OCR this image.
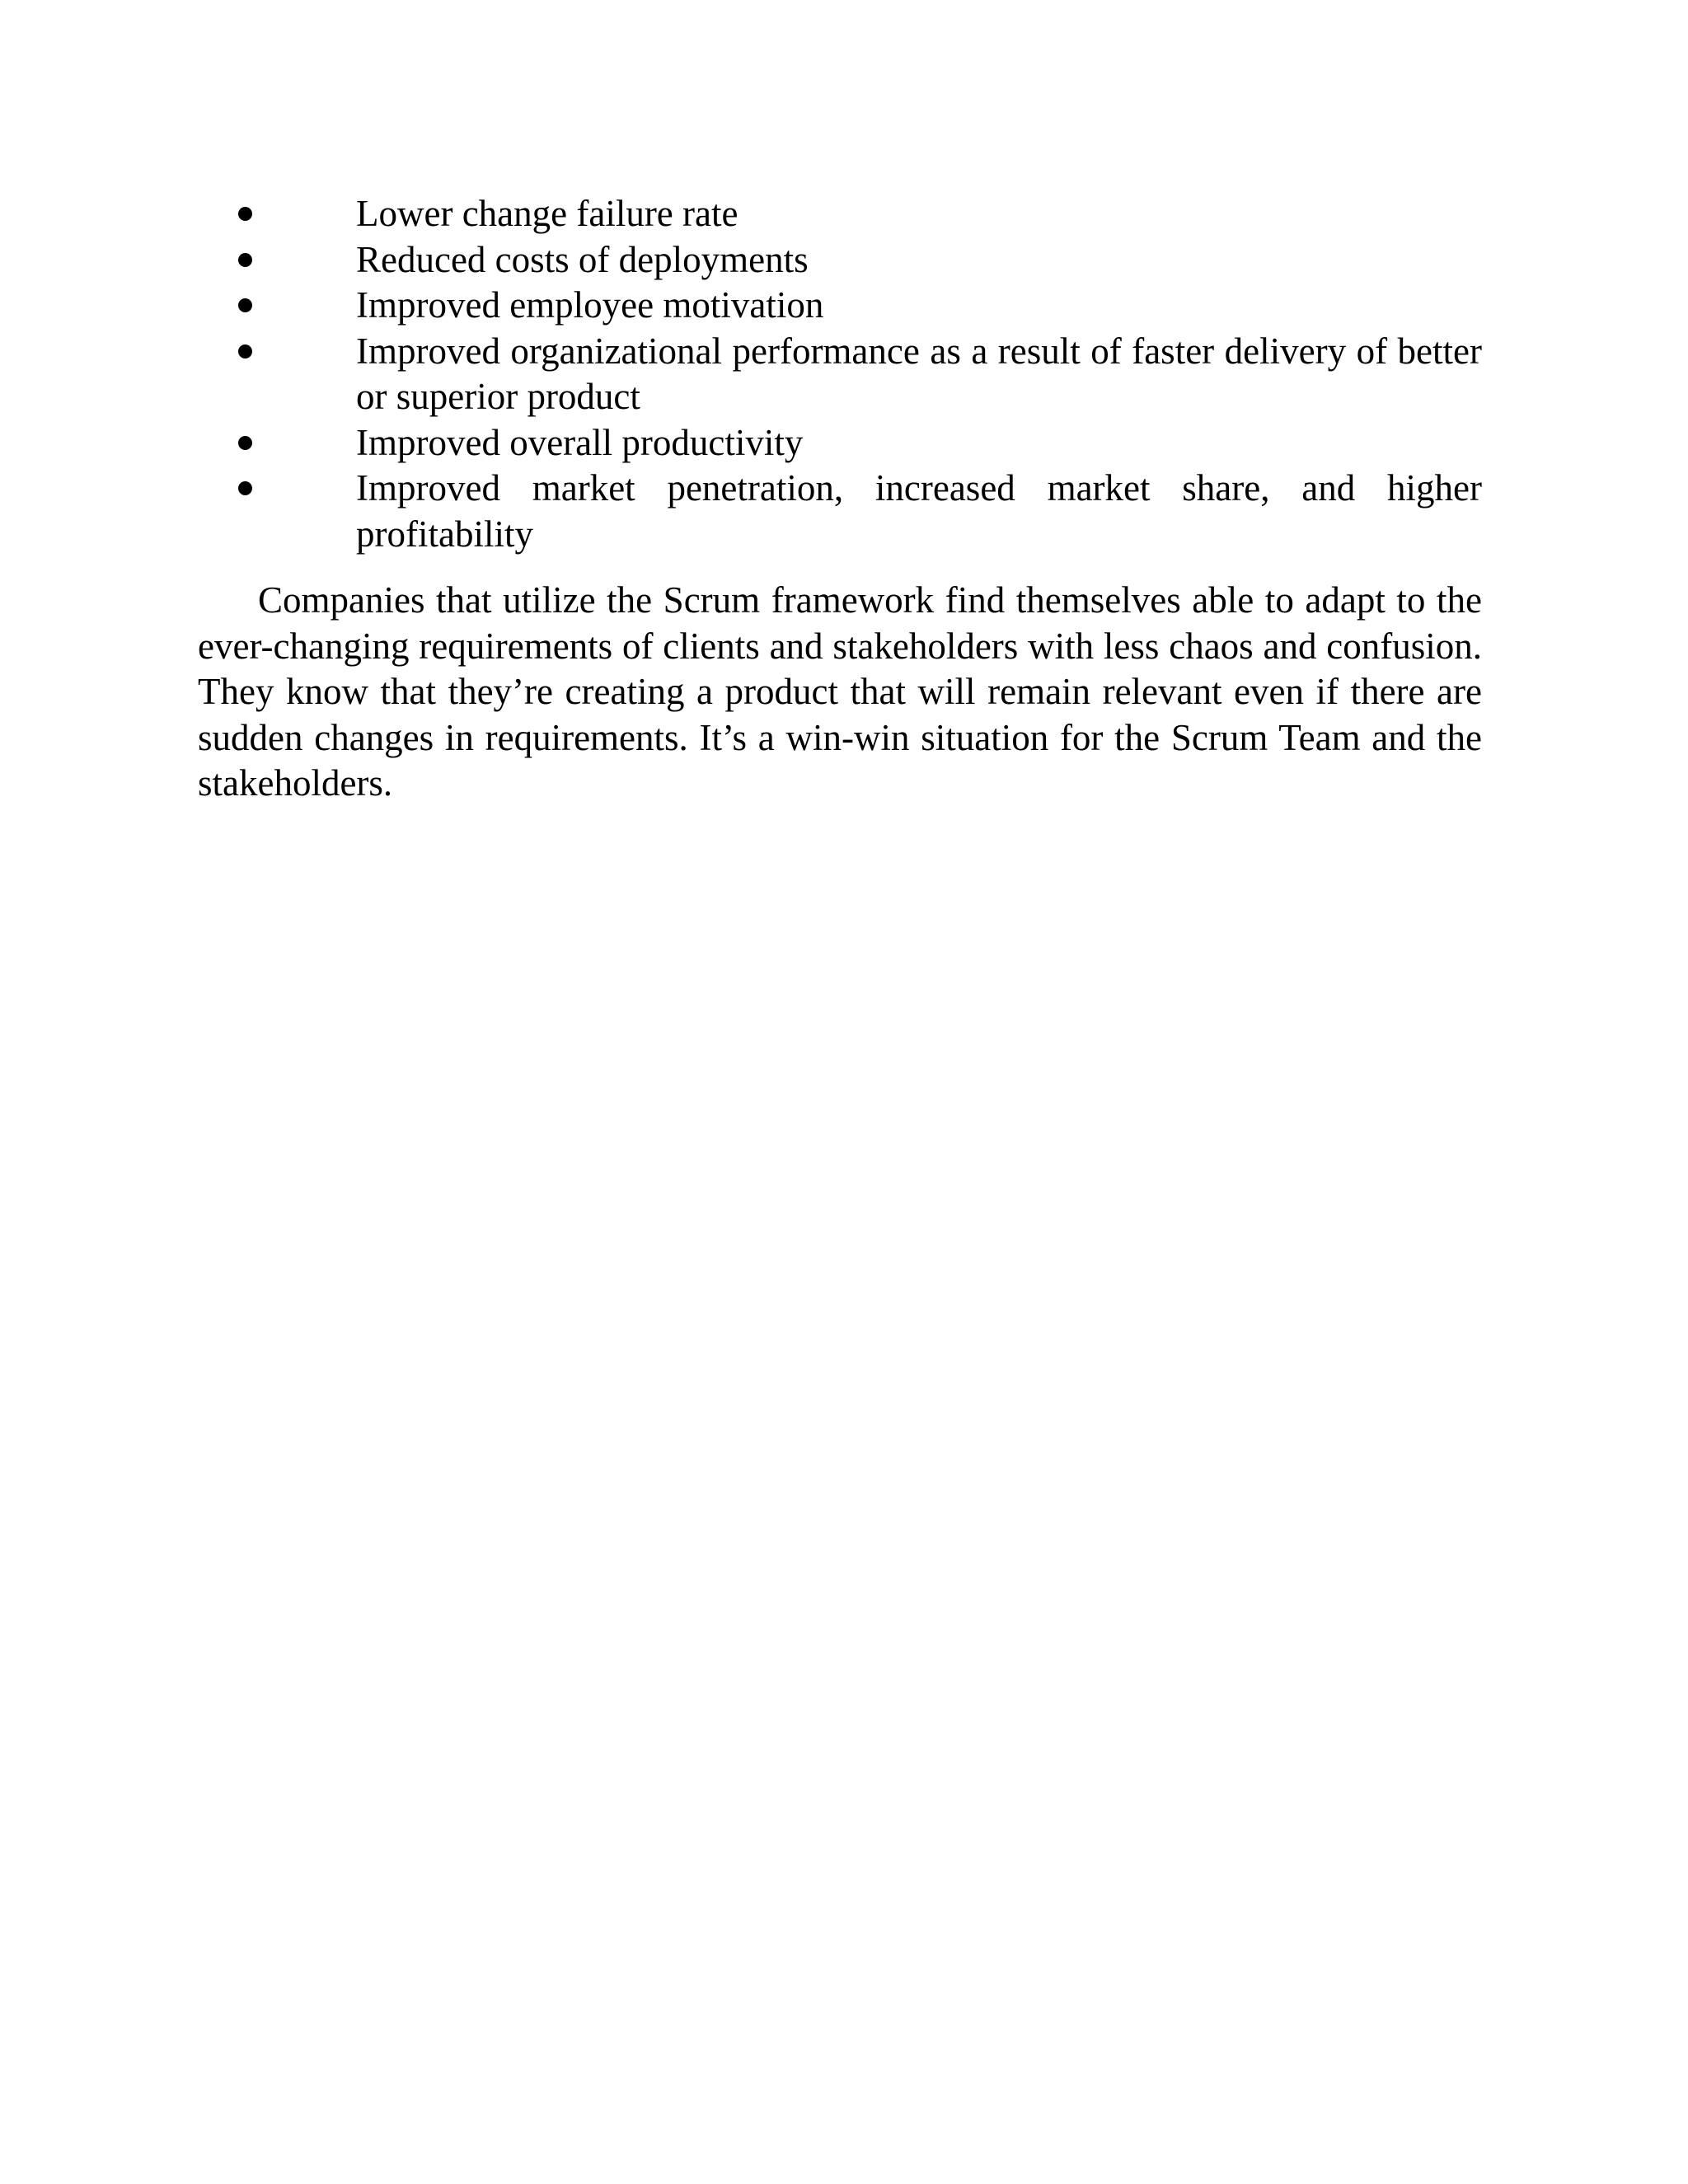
Lower change failure rate
Reduced costs of deployments
Improved employee motivation
Improved organizational performance as a result of faster delivery of better or superior product
Improved overall productivity
Improved market penetration, increased market share, and higher profitability

Companies that utilize the Scrum framework find themselves able to adapt to the ever-changing requirements of clients and stakeholders with less chaos and confusion. They know that they’re creating a product that will remain relevant even if there are sudden changes in requirements. It’s a win-win situation for the Scrum Team and the stakeholders.
